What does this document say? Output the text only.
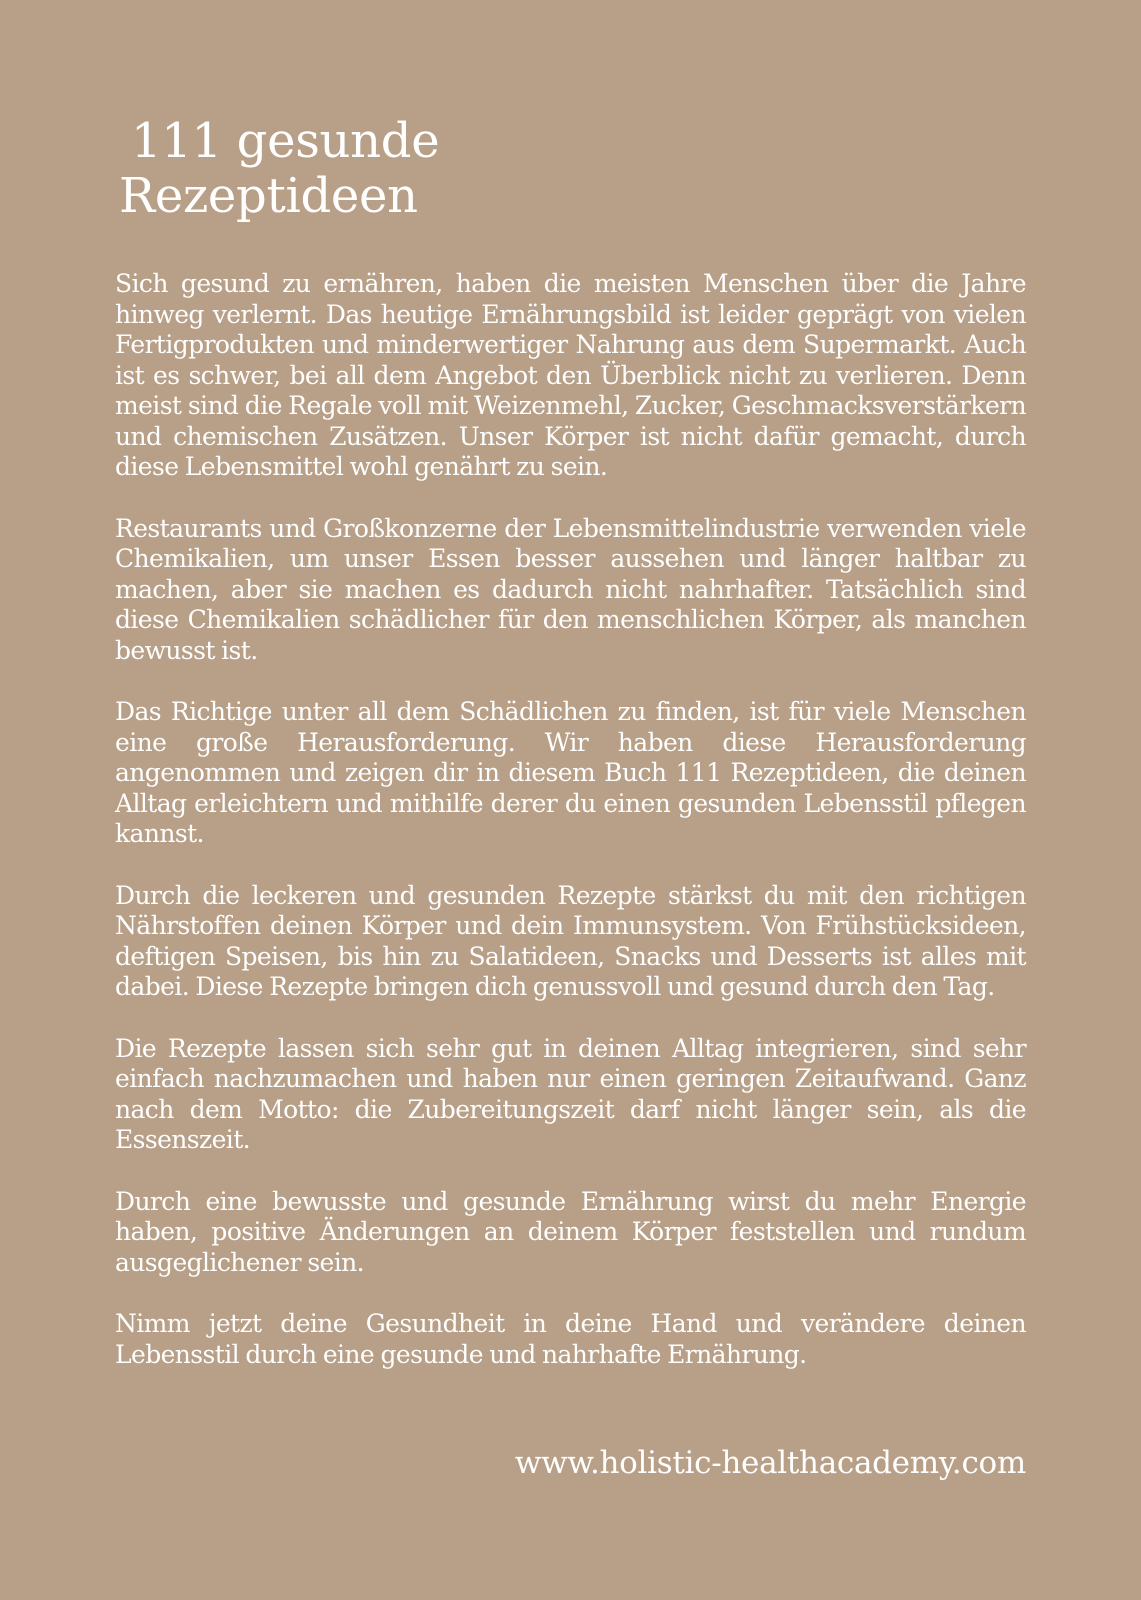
111 gesunde
Rezeptideen

Sich gesund zu ernähren, haben die meisten Menschen über die Jahre hinweg verlernt. Das heutige Ernährungsbild ist leider geprägt von vielen Fertigprodukten und minderwertiger Nahrung aus dem Supermarkt. Auch ist es schwer, bei all dem Angebot den Überblick nicht zu verlieren. Denn meist sind die Regale voll mit Weizenmehl, Zucker, Geschmacksverstärkern und chemischen Zusätzen. Unser Körper ist nicht dafür gemacht, durch diese Lebensmittel wohl genährt zu sein.

Restaurants und Großkonzerne der Lebensmittelindustrie verwenden viele Chemikalien, um unser Essen besser aussehen und länger haltbar zu machen, aber sie machen es dadurch nicht nahrhafter. Tatsächlich sind diese Chemikalien schädlicher für den menschlichen Körper, als manchen bewusst ist.

Das Richtige unter all dem Schädlichen zu finden, ist für viele Menschen eine große Herausforderung. Wir haben diese Herausforderung angenommen und zeigen dir in diesem Buch 111 Rezeptideen, die deinen Alltag erleichtern und mithilfe derer du einen gesunden Lebensstil pflegen kannst.

Durch die leckeren und gesunden Rezepte stärkst du mit den richtigen Nährstoffen deinen Körper und dein Immunsystem. Von Frühstücksideen, deftigen Speisen, bis hin zu Salatideen, Snacks und Desserts ist alles mit dabei. Diese Rezepte bringen dich genussvoll und gesund durch den Tag.

Die Rezepte lassen sich sehr gut in deinen Alltag integrieren, sind sehr einfach nachzumachen und haben nur einen geringen Zeitaufwand. Ganz nach dem Motto: die Zubereitungszeit darf nicht länger sein, als die Essenszeit.

Durch eine bewusste und gesunde Ernährung wirst du mehr Energie haben, positive Änderungen an deinem Körper feststellen und rundum ausgeglichener sein.

Nimm jetzt deine Gesundheit in deine Hand und verändere deinen Lebensstil durch eine gesunde und nahrhafte Ernährung.

www.holistic-healthacademy.com
